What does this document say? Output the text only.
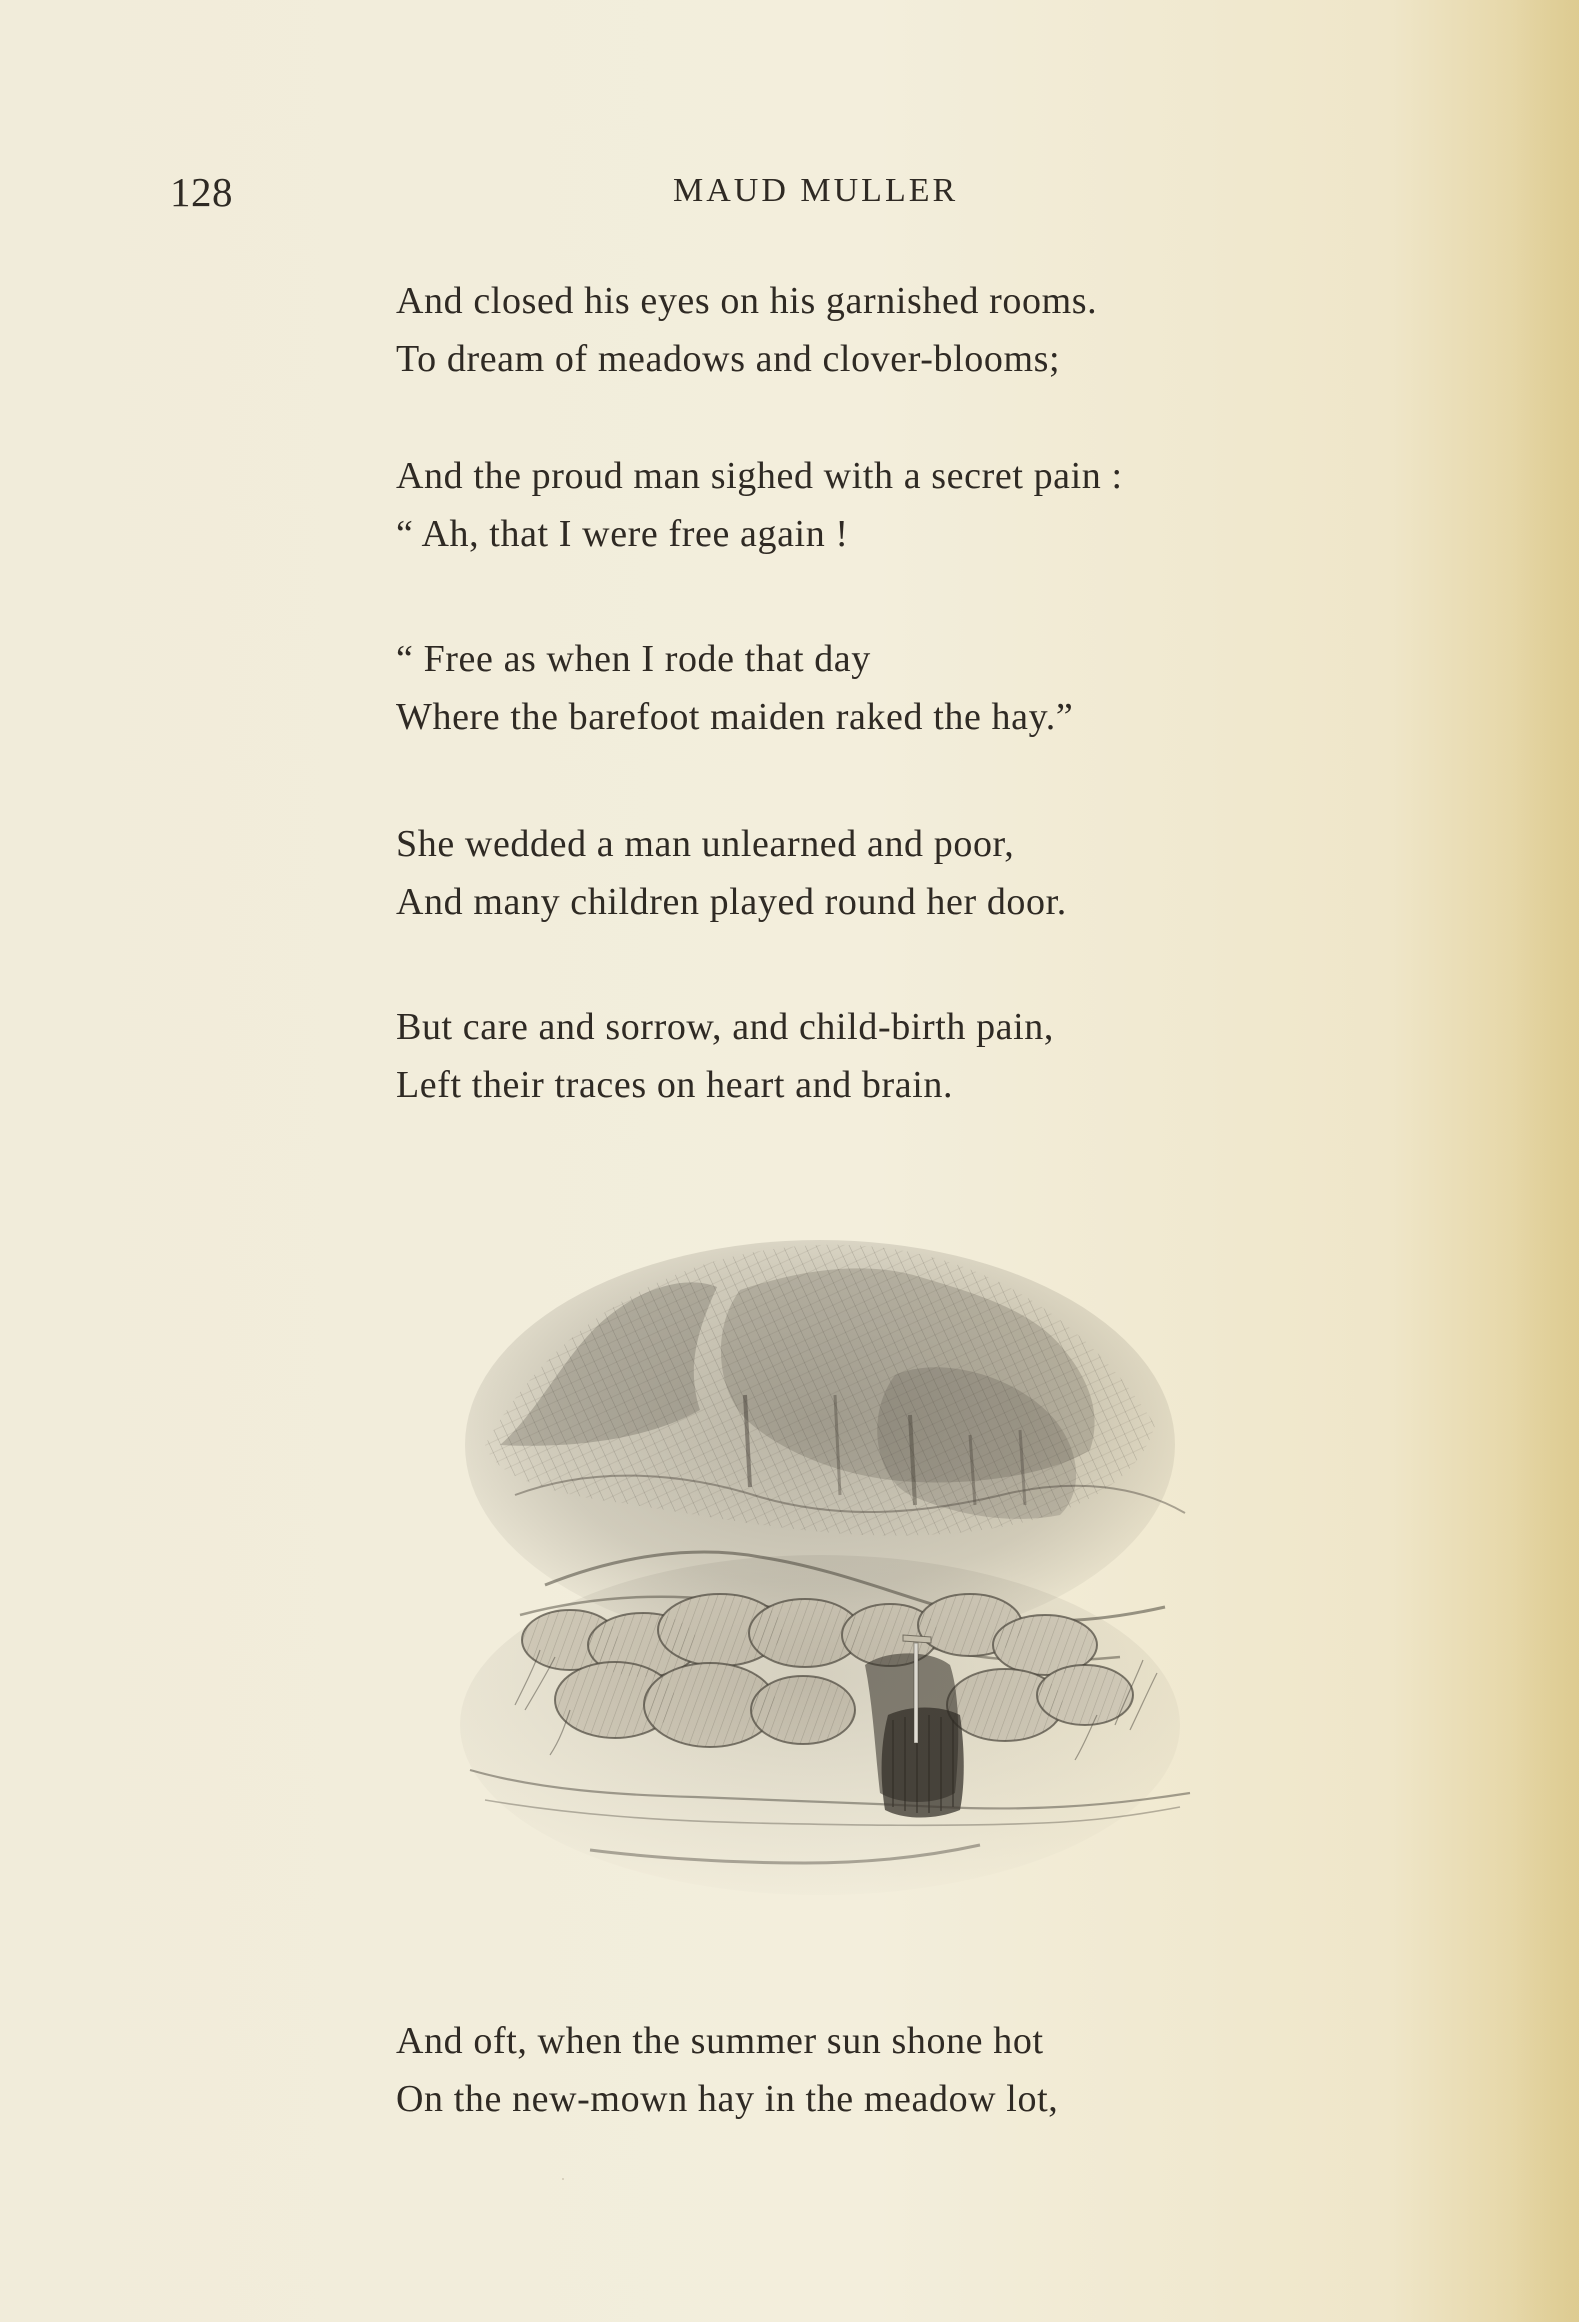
128	MAUD MULLER
And closed his eyes on his garnished rooms.
To dream of meadows and clover-blooms;
And the proud man sighed with a secret pain :
“ Ah, that I were free again !
“ Free as when I rode that day
Where the barefoot maiden raked the hay.”
She wedded a man unlearned and poor,
And many children played round her door.
But care and sorrow, and child-birth pain,
Left their traces on heart and brain.
And oft, when the summer sun shone hot
On the new-mown hay in the meadow lot,
